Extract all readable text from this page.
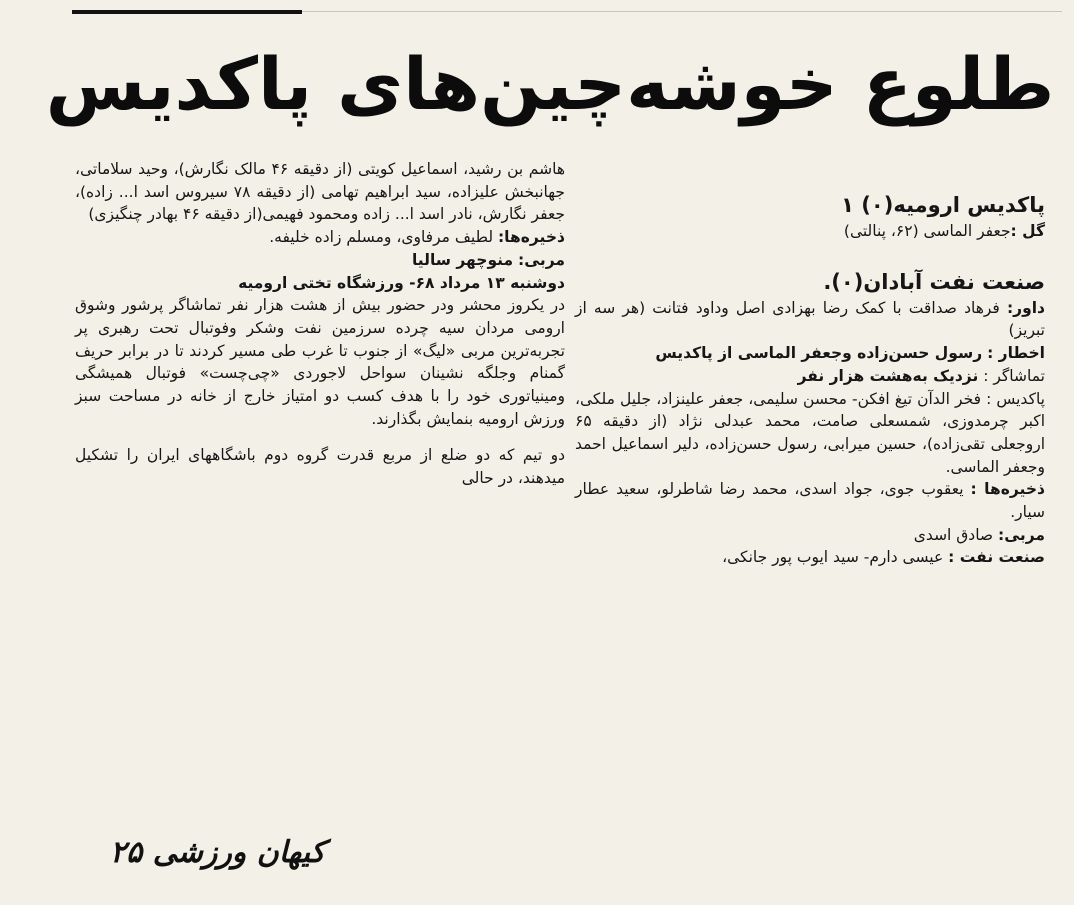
طلوع خوشه‌چین‌های پاکدیس

پاکدیس ارومیه(۰) ۱

گل :جعفر الماسی (۶۲، پنالتی)

صنعت نفت آبادان(۰).

داور: فرهاد صداقت با کمک رضا بهزادی اصل وداود فتانت (هر سه از تبریز)

اخطار : رسول حسن‌زاده وجعفر الماسی از پاکدیس

تماشاگر : نزدیک به‌هشت هزار نفر

پاکدیس : فخر الدآن تیغ افکن- محسن سلیمی، جعفر علینزاد، جلیل ملکی، اکبر چرمدوزی، شمسعلی صامت، محمد عبدلی نژاد (از دقیقه ۶۵ اروجعلی تقی‌زاده)، حسین میرابی، رسول حسن‌زاده، دلیر اسماعیل احمد وجعفر الماسی.

ذخیره‌ها : یعقوب جوی، جواد اسدی، محمد رضا شاطرلو، سعید عطار سیار.

مربی: صادق اسدی

صنعت نفت : عیسی دارم- سید ایوب پور جانکی،

هاشم بن رشید، اسماعیل کویتی (از دقیقه ۴۶ مالک نگارش)، وحید سلاماتی، جهانبخش علیزاده، سید ابراهیم تهامی (از دقیقه ۷۸ سیروس اسد ا... زاده)، جعفر نگارش، نادر اسد ا... زاده ومحمود فهیمی(از دقیقه ۴۶ بهادر چنگیزی)

ذخیره‌ها: لطیف مرفاوی، ومسلم زاده خلیفه.

مربی: منوچهر سالیا

دوشنبه ۱۳ مرداد ۶۸- ورزشگاه تختی ارومیه

در یکروز محشر ودر حضور بیش از هشت هزار نفر تماشاگر پرشور وشوق ارومی مردان سیه چرده سرزمین نفت وشکر وفوتبال تحت رهبری پر تجربه‌ترین مربی «لیگ» از جنوب تا غرب طی مسیر کردند تا در برابر حریف گمنام وجلگه نشینان سواحل لاجوردی «چی‌چست» فوتبال همیشگی ومینیاتوری خود را با هدف کسب دو امتیاز خارج از خانه در مساحت سبز ورزش ارومیه بنمایش بگذارند.

دو تیم که دو ضلع از مربع قدرت گروه دوم باشگاههای ایران را تشکیل میدهند، در حالی

کیهان ورزشی ۲۵
